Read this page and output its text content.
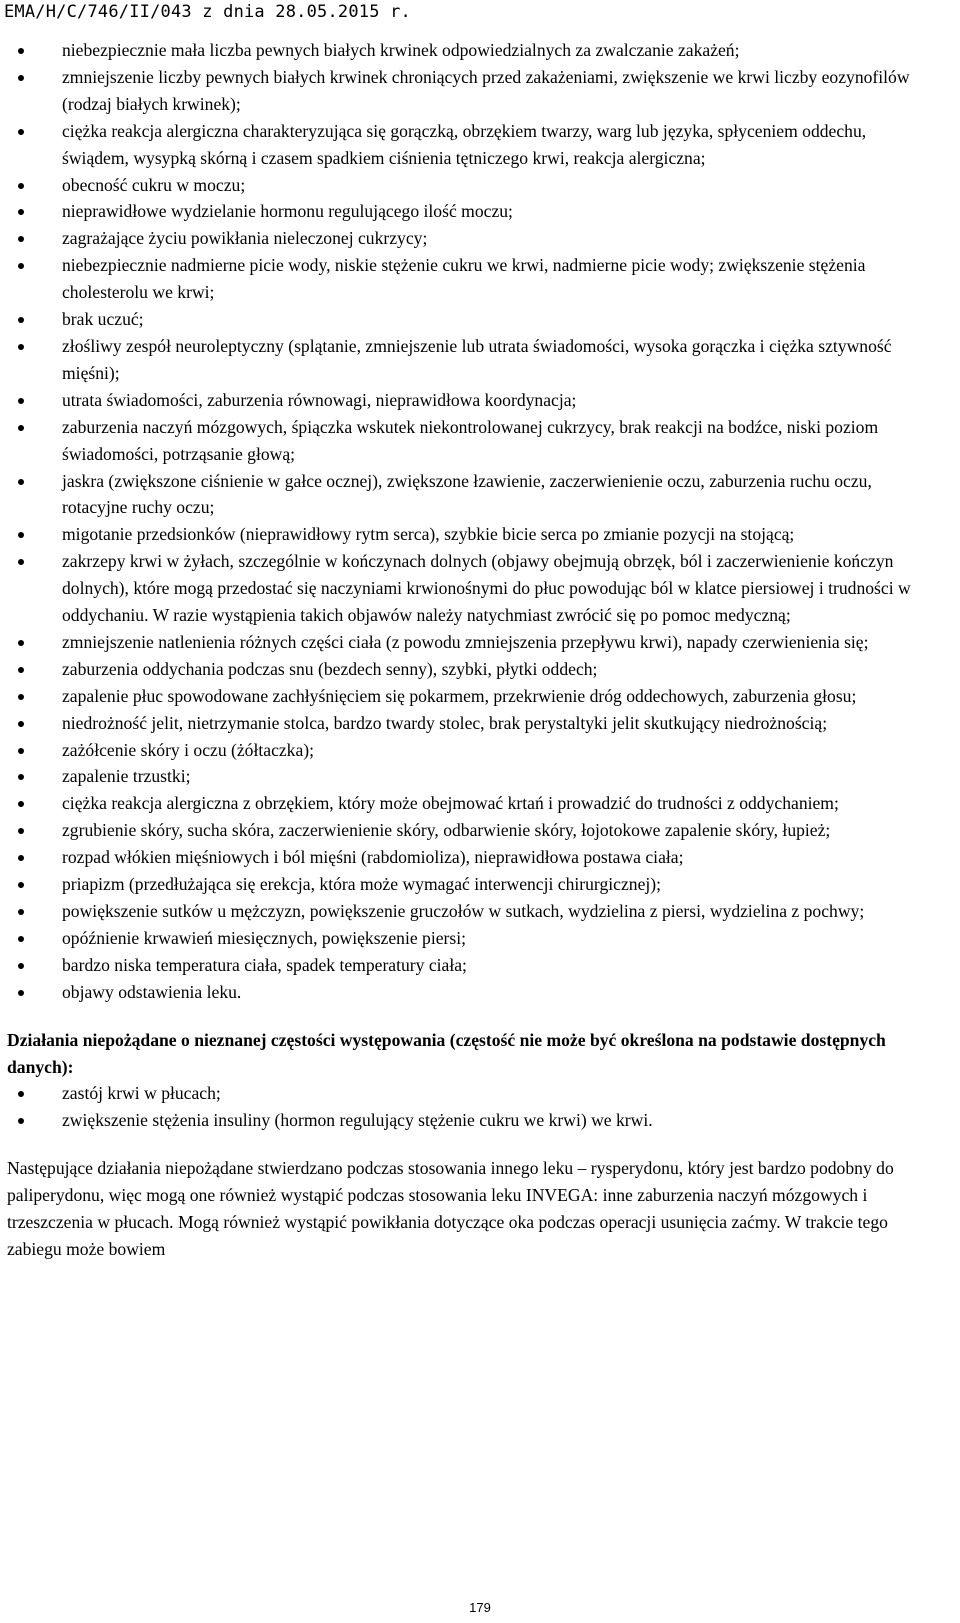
EMA/H/C/746/II/043 z dnia 28.05.2015 r.
niebezpiecznie mała liczba pewnych białych krwinek odpowiedzialnych za zwalczanie zakażeń;
zmniejszenie liczby pewnych białych krwinek chroniących przed zakażeniami, zwiększenie we krwi liczby eozynofilów (rodzaj białych krwinek);
ciężka reakcja alergiczna charakteryzująca się gorączką, obrzękiem twarzy, warg lub języka, spłyceniem oddechu, świądem, wysypką skórną i czasem spadkiem ciśnienia tętniczego krwi, reakcja alergiczna;
obecność cukru w moczu;
nieprawidłowe wydzielanie hormonu regulującego ilość moczu;
zagrażające życiu powikłania nieleczonej cukrzycy;
niebezpiecznie nadmierne picie wody, niskie stężenie cukru we krwi, nadmierne picie wody; zwiększenie stężenia cholesterolu we krwi;
brak uczuć;
złośliwy zespół neuroleptyczny (splątanie, zmniejszenie lub utrata świadomości, wysoka gorączka i ciężka sztywność mięśni);
utrata świadomości, zaburzenia równowagi, nieprawidłowa koordynacja;
zaburzenia naczyń mózgowych, śpiączka wskutek niekontrolowanej cukrzycy, brak reakcji na bodźce, niski poziom świadomości, potrząsanie głową;
jaskra (zwiększone ciśnienie w gałce ocznej), zwiększone łzawienie, zaczerwienienie oczu, zaburzenia ruchu oczu, rotacyjne ruchy oczu;
migotanie przedsionków (nieprawidłowy rytm serca), szybkie bicie serca po zmianie pozycji na stojącą;
zakrzepy krwi w żyłach, szczególnie w kończynach dolnych (objawy obejmują obrzęk, ból i zaczerwienienie kończyn dolnych), które mogą przedostać się naczyniami krwionośnymi do płuc powodując ból w klatce piersiowej i trudności w oddychaniu. W razie wystąpienia takich objawów należy natychmiast zwrócić się po pomoc medyczną;
zmniejszenie natlenienia różnych części ciała (z powodu zmniejszenia przepływu krwi), napady czerwienienia się;
zaburzenia oddychania podczas snu (bezdech senny), szybki, płytki oddech;
zapalenie płuc spowodowane zachłyśnięciem się pokarmem, przekrwienie dróg oddechowych, zaburzenia głosu;
niedrożność jelit, nietrzymanie stolca, bardzo twardy stolec, brak perystaltyki jelit skutkujący niedrożnością;
zażółcenie skóry i oczu (żółtaczka);
zapalenie trzustki;
ciężka reakcja alergiczna z obrzękiem, który może obejmować krtań i prowadzić do trudności z oddychaniem;
zgrubienie skóry, sucha skóra, zaczerwienienie skóry, odbarwienie skóry, łojotokowe zapalenie skóry, łupież;
rozpad włókien mięśniowych i ból mięśni (rabdomioliza), nieprawidłowa postawa ciała;
priapizm (przedłużająca się erekcja, która może wymagać interwencji chirurgicznej);
powiększenie sutków u mężczyzn, powiększenie gruczołów w sutkach, wydzielina z piersi, wydzielina z pochwy;
opóźnienie krwawień miesięcznych, powiększenie piersi;
bardzo niska temperatura ciała, spadek temperatury ciała;
objawy odstawienia leku.
Działania niepożądane o nieznanej częstości występowania (częstość nie może być określona na podstawie dostępnych danych):
zastój krwi w płucach;
zwiększenie stężenia insuliny (hormon regulujący stężenie cukru we krwi) we krwi.
Następujące działania niepożądane stwierdzano podczas stosowania innego leku – rysperydonu, który jest bardzo podobny do paliperydonu, więc mogą one również wystąpić podczas stosowania leku INVEGA: inne zaburzenia naczyń mózgowych i trzeszczenia w płucach. Mogą również wystąpić powikłania dotyczące oka podczas operacji usunięcia zaćmy. W trakcie tego zabiegu może bowiem
179
